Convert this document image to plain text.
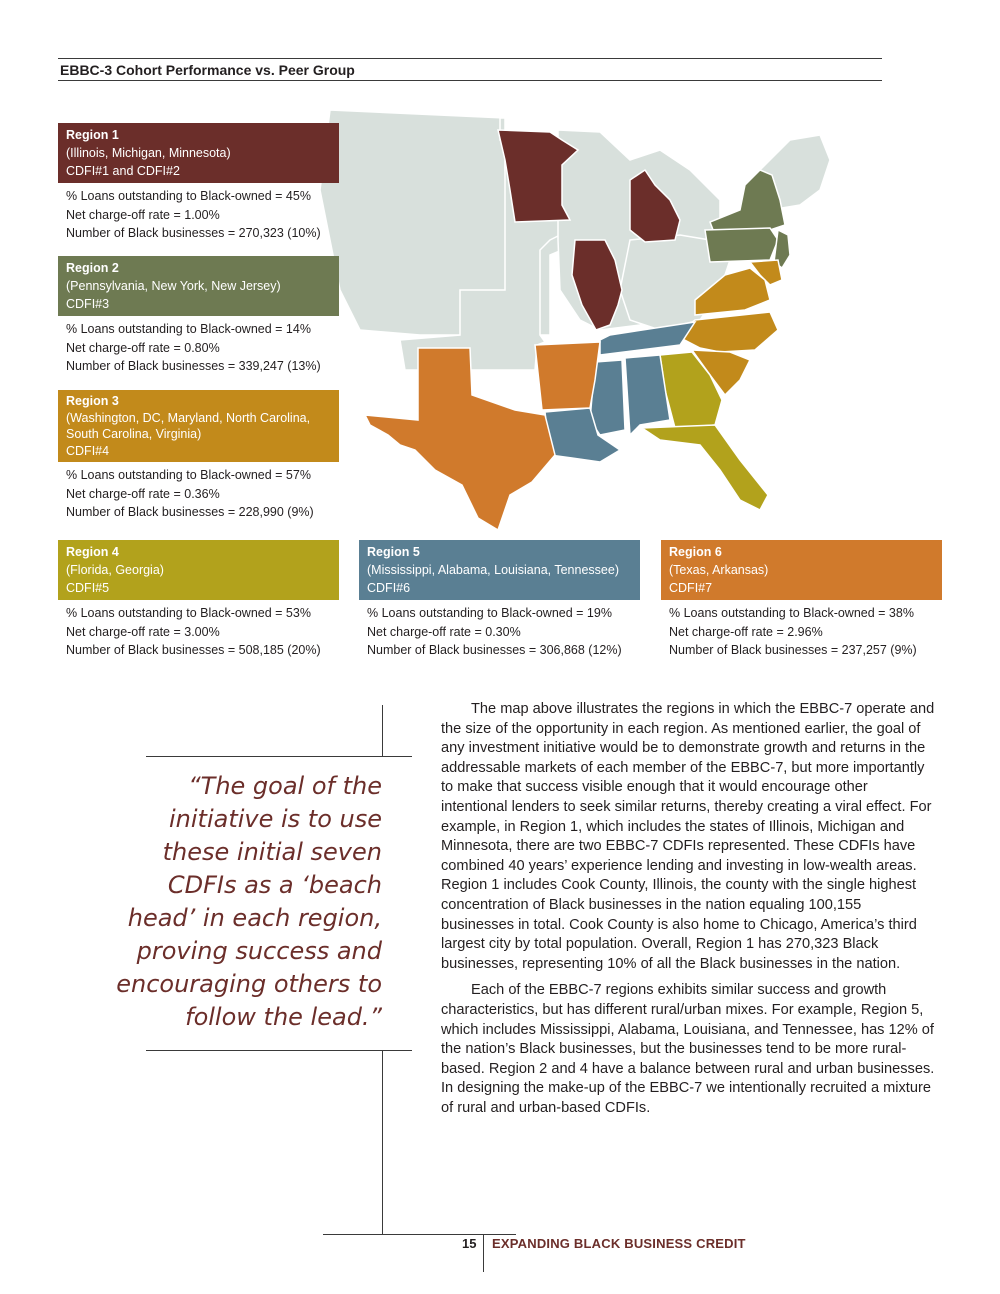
EBBC-3 Cohort Performance vs. Peer Group
Region 1
(Illinois, Michigan, Minnesota)
CDFI#1 and CDFI#2
% Loans outstanding to Black-owned = 45%
Net charge-off rate = 1.00%
Number of Black businesses = 270,323 (10%)
Region 2
(Pennsylvania, New York, New Jersey)
CDFI#3
% Loans outstanding to Black-owned = 14%
Net charge-off rate = 0.80%
Number of Black businesses = 339,247 (13%)
Region 3
(Washington, DC, Maryland, North Carolina, South Carolina, Virginia)
CDFI#4
% Loans outstanding to Black-owned = 57%
Net charge-off rate = 0.36%
Number of Black businesses = 228,990 (9%)
Region 4
(Florida, Georgia)
CDFI#5
% Loans outstanding to Black-owned = 53%
Net charge-off rate = 3.00%
Number of Black businesses = 508,185 (20%)
Region 5
(Mississippi, Alabama, Louisiana, Tennessee)
CDFI#6
% Loans outstanding to Black-owned = 19%
Net charge-off rate = 0.30%
Number of Black businesses = 306,868 (12%)
Region 6
(Texas, Arkansas)
CDFI#7
% Loans outstanding to Black-owned = 38%
Net charge-off rate = 2.96%
Number of Black businesses = 237,257 (9%)
“The goal of the initiative is to use these initial seven CDFIs as a ‘beach head’ in each region, proving success and encouraging others to follow the lead.”

The map above illustrates the regions in which the EBBC-7 operate and the size of the opportunity in each region. As mentioned earlier, the goal of any investment initiative would be to demonstrate growth and returns in the addressable markets of each member of the EBBC-7, but more importantly to make that success visible enough that it would encourage other intentional lenders to seek similar returns, thereby creating a viral effect. For example, in Region 1, which includes the states of Illinois, Michigan and Minnesota, there are two EBBC-7 CDFIs represented. These CDFIs have combined 40 years’ experience lending and investing in low-wealth areas. Region 1 includes Cook County, Illinois, the county with the single highest concentration of Black businesses in the nation equaling 100,155 businesses in total. Cook County is also home to Chicago, America’s third largest city by total population. Overall, Region 1 has 270,323 Black businesses, representing 10% of all the Black businesses in the nation.

Each of the EBBC-7 regions exhibits similar success and growth characteristics, but has different rural/urban mixes. For example, Region 5, which includes Mississippi, Alabama, Louisiana, and Tennessee, has 12% of the nation’s Black businesses, but the businesses tend to be more rural-based. Region 2 and 4 have a balance between rural and urban businesses. In designing the make-up of the EBBC-7 we intentionally recruited a mixture of rural and urban-based CDFIs.

15 EXPANDING BLACK BUSINESS CREDIT
